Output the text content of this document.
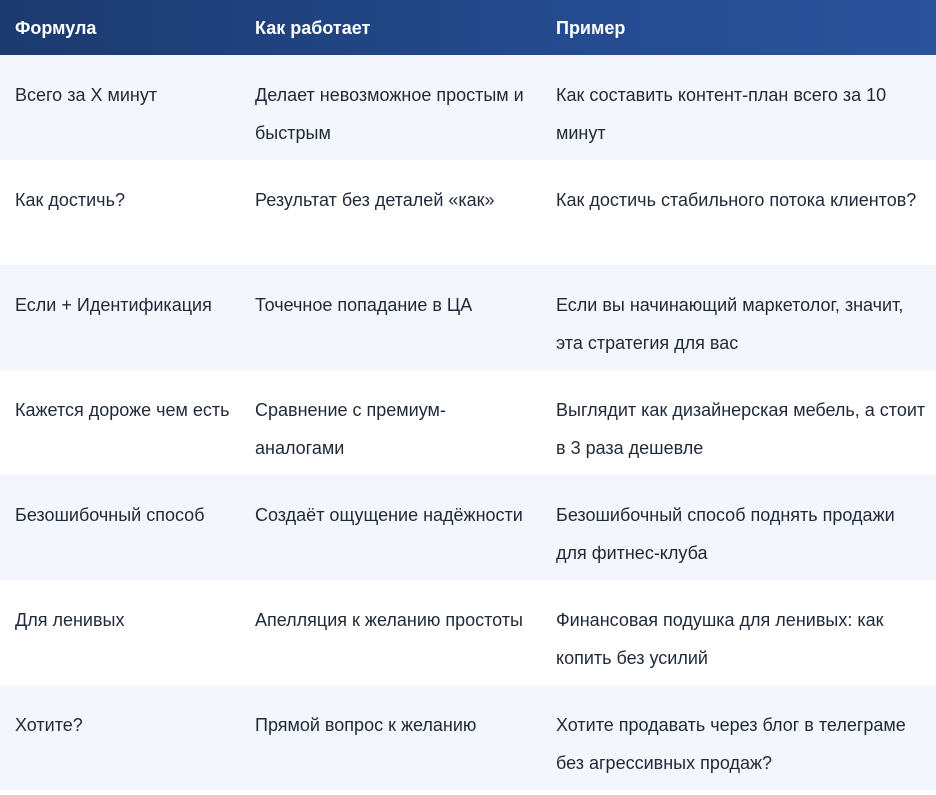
Формула	Как работает	Пример
Всего за X минут	Делает невозможное простым и быстрым	Как составить контент-план всего за 10 минут
Как достичь?	Результат без деталей «как»	Как достичь стабильного потока клиентов?
Если + Идентификация	Точечное попадание в ЦА	Если вы начинающий маркетолог, значит, эта стратегия для вас
Кажется дороже чем есть	Сравнение с премиум-аналогами	Выглядит как дизайнерская мебель, а стоит в 3 раза дешевле
Безошибочный способ	Создаёт ощущение надёжности	Безошибочный способ поднять продажи для фитнес-клуба
Для ленивых	Апелляция к желанию простоты	Финансовая подушка для ленивых: как копить без усилий
Хотите?	Прямой вопрос к желанию	Хотите продавать через блог в телеграме без агрессивных продаж?
